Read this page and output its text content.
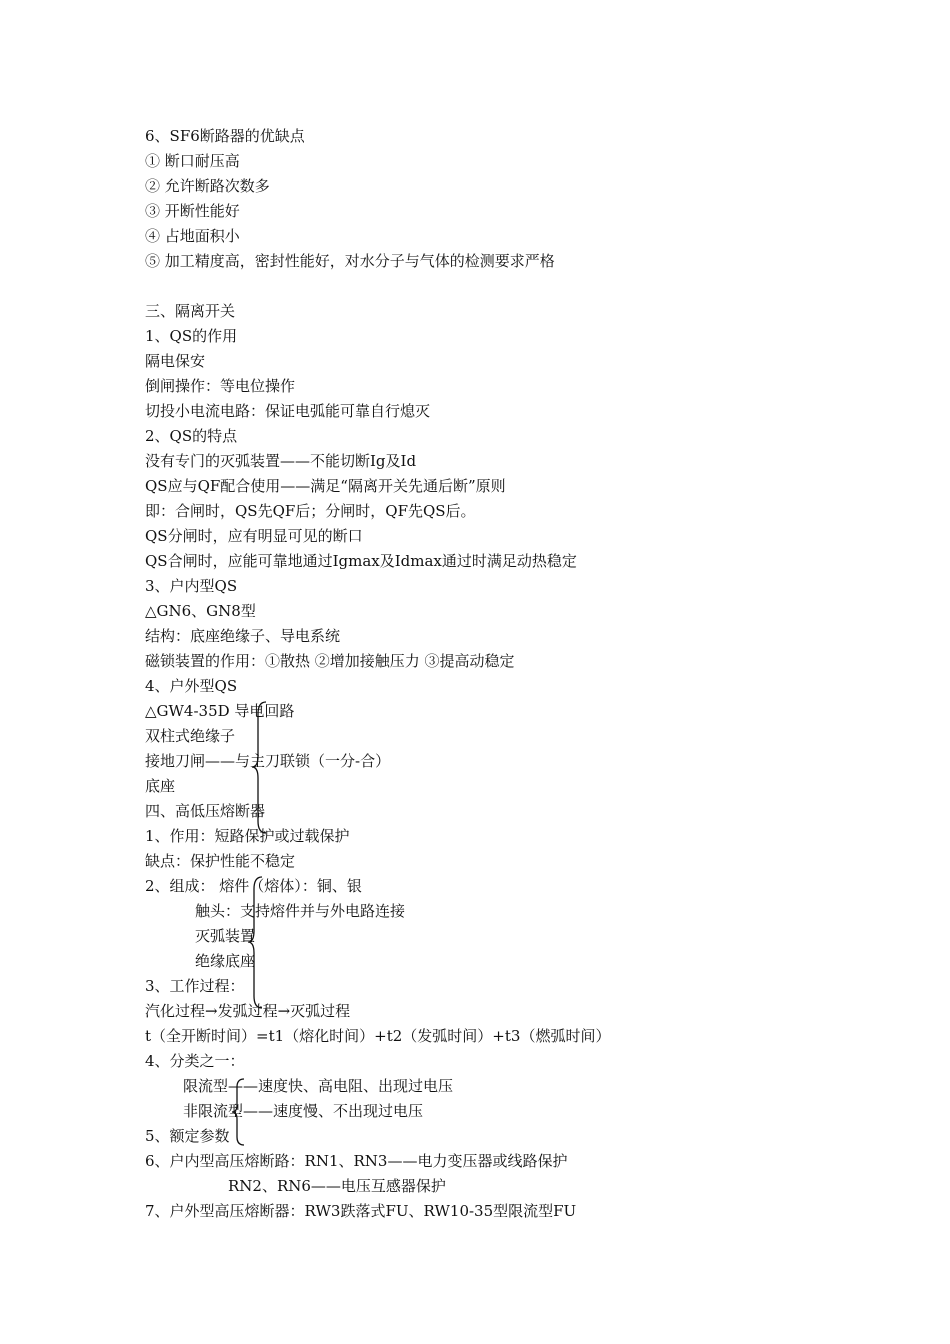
6、SF6断路器的优缺点
① 断口耐压高
② 允许断路次数多
③ 开断性能好
④ 占地面积小
⑤ 加工精度高，密封性能好，对水分子与气体的检测要求严格
三、隔离开关
1、QS的作用
隔电保安
倒闸操作：等电位操作
切投小电流电路：保证电弧能可靠自行熄灭
2、QS的特点
没有专门的灭弧装置——不能切断Ig及Id
QS应与QF配合使用——满足“隔离开关先通后断”原则
即：合闸时，QS先QF后；分闸时，QF先QS后。
QS分闸时，应有明显可见的断口
QS合闸时，应能可靠地通过Igmax及Idmax通过时满足动热稳定
3、户内型QS
△GN6、GN8型
结构：底座绝缘子、导电系统
磁锁装置的作用：①散热 ②增加接触压力 ③提高动稳定
4、户外型QS
△GW4-35D 导电回路
双柱式绝缘子
接地刀闸——与主刀联锁（一分-合）
底座
四、高低压熔断器
1、作用：短路保护或过载保护
缺点：保护性能不稳定
2、组成： 熔件（熔体）：铜、银
触头：支持熔件并与外电路连接
灭弧装置
绝缘底座
3、工作过程：
汽化过程→发弧过程→灭弧过程
t（全开断时间）=t1（熔化时间）+t2（发弧时间）+t3（燃弧时间）
4、分类之一：
限流型——速度快、高电阻、出现过电压
非限流型——速度慢、不出现过电压
5、额定参数
6、户内型高压熔断路：RN1、RN3——电力变压器或线路保护
RN2、RN6——电压互感器保护
7、户外型高压熔断器：RW3跌落式FU、RW10-35型限流型FU
